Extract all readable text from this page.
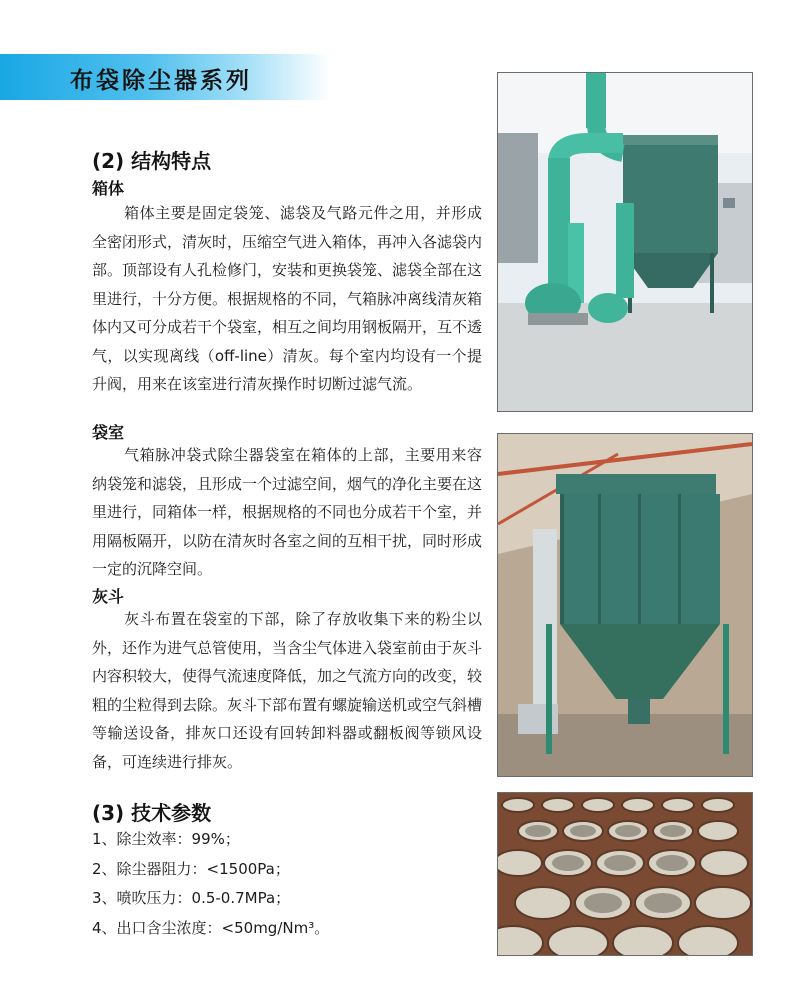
布袋除尘器系列
(2) 结构特点
箱体

箱体主要是固定袋笼、滤袋及气路元件之用，并形成全密闭形式，清灰时，压缩空气进入箱体，再冲入各滤袋内部。顶部设有人孔检修门，安装和更换袋笼、滤袋全部在这里进行，十分方便。根据规格的不同，气箱脉冲离线清灰箱体内又可分成若干个袋室，相互之间均用钢板隔开，互不透气，以实现离线（off-line）清灰。每个室内均设有一个提升阀，用来在该室进行清灰操作时切断过滤气流。

袋室

气箱脉冲袋式除尘器袋室在箱体的上部，主要用来容纳袋笼和滤袋，且形成一个过滤空间，烟气的净化主要在这里进行，同箱体一样，根据规格的不同也分成若干个室，并用隔板隔开，以防在清灰时各室之间的互相干扰，同时形成一定的沉降空间。

灰斗

灰斗布置在袋室的下部，除了存放收集下来的粉尘以外，还作为进气总管使用，当含尘气体进入袋室前由于灰斗内容积较大，使得气流速度降低，加之气流方向的改变，较粗的尘粒得到去除。灰斗下部布置有螺旋输送机或空气斜槽等输送设备，排灰口还设有回转卸料器或翻板阀等锁风设备，可连续进行排灰。

(3) 技术参数
1、除尘效率：99%；
2、除尘器阻力：<1500Pa；
3、喷吹压力：0.5-0.7MPa；
4、出口含尘浓度：<50mg/Nm³。
